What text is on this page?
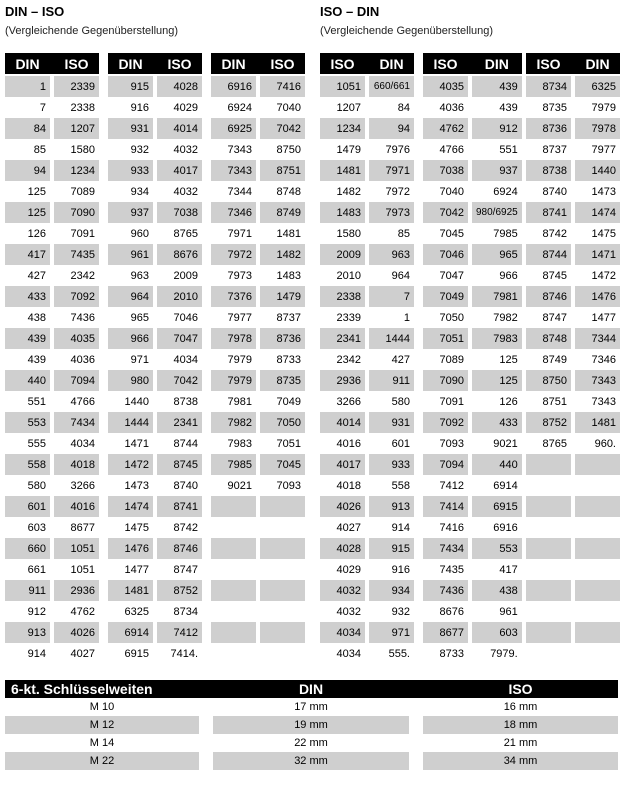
DIN – ISO
(Vergleichende Gegenüberstellung)
ISO – DIN
(Vergleichende Gegenüberstellung)
DIN		ISO

1		2339
7		2338
84		1207
85		1580
94		1234
125		7089
125		7090
126		7091
417		7435
427		2342
433		7092
438		7436
439		4035
439		4036
440		7094
551		4766
553		7434
555		4034
558		4018
580		3266
601		4016
603		8677
660		1051
661		1051
911		2936
912		4762
913		4026
914		4027
DIN		ISO

915		4028
916		4029
931		4014
932		4032
933		4017
934		4032
937		7038
960		8765
961		8676
963		2009
964		2010
965		7046
966		7047
971		4034
980		7042
1440		8738
1444		2341
1471		8744
1472		8745
1473		8740
1474		8741
1475		8742
1476		8746
1477		8747
1481		8752
6325		8734
6914		7412
6915		7414.
DIN		ISO

6916		7416
6924		7040
6925		7042
7343		8750
7343		8751
7344		8748
7346		8749
7971		1481
7972		1482
7973		1483
7376		1479
7977		8737
7978		8736
7979		8733
7979		8735
7981		7049
7982		7050
7983		7051
7985		7045
9021		7093

ISO		DIN

1051		660/661
1207		84
1234		94
1479		7976
1481		7971
1482		7972
1483		7973
1580		85
2009		963
2010		964
2338		7
2339		1
2341		1444
2342		427
2936		911
3266		580
4014		931
4016		601
4017		933
4018		558
4026		913
4027		914
4028		915
4029		916
4032		934
4032		932
4034		971
4034		555.
ISO		DIN

4035		439
4036		439
4762		912
4766		551
7038		937
7040		6924
7042		980/6925
7045		7985
7046		965
7047		966
7049		7981
7050		7982
7051		7983
7089		125
7090		125
7091		126
7092		433
7093		9021
7094		440
7412		6914
7414		6915
7416		6916
7434		553
7435		417
7436		438
8676		961
8677		603
8733		7979.
ISO		DIN

8734		6325
8735		7979
8736		7978
8737		7977
8738		1440
8740		1473
8741		1474
8742		1475
8744		1471
8745		1472
8746		1476
8747		1477
8748		7344
8749		7346
8750		7343
8751		7343
8752		1481
8765		960.

6-kt. Schlüsselweiten		DIN		ISO
M 10		17 mm		16 mm
M 12		19 mm		18 mm
M 14		22 mm		21 mm
M 22		32 mm		34 mm
